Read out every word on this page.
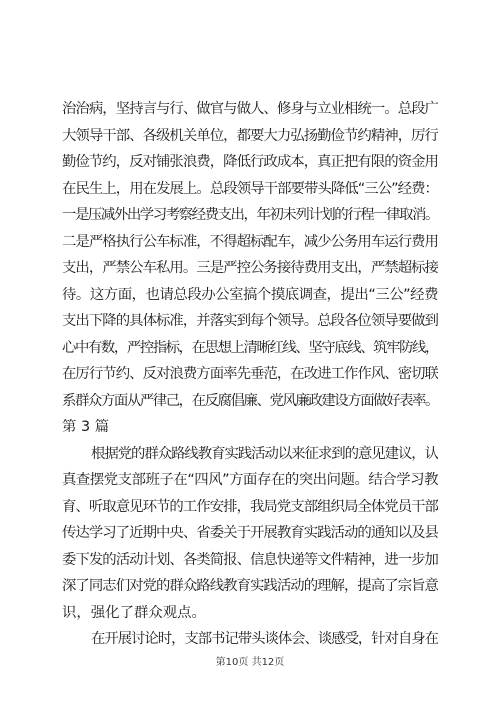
治治病，坚持言与行、做官与做人、修身与立业相统一。总段广
大领导干部、各级机关单位，都要大力弘扬勤俭节约精神，厉行
勤俭节约，反对铺张浪费，降低行政成本，真正把有限的资金用
在民生上，用在发展上。总段领导干部要带头降低“三公”经费：
一是压减外出学习考察经费支出，年初未列计划的行程一律取消。
二是严格执行公车标准，不得超标配车，减少公务用车运行费用
支出，严禁公车私用。三是严控公务接待费用支出，严禁超标接
待。这方面，也请总段办公室搞个摸底调查，提出“三公”经费
支出下降的具体标准，并落实到每个领导。总段各位领导要做到
心中有数，严控指标，在思想上清晰红线、坚守底线、筑牢防线，
在厉行节约、反对浪费方面率先垂范，在改进工作作风、密切联
系群众方面从严律己，在反腐倡廉、党风廉政建设方面做好表率。
第 3 篇
根据党的群众路线教育实践活动以来征求到的意见建议，认
真查摆党支部班子在“四风”方面存在的突出问题。结合学习教
育、听取意见环节的工作安排，我局党支部组织局全体党员干部
传达学习了近期中央、省委关于开展教育实践活动的通知以及县
委下发的活动计划、各类简报、信息快递等文件精神，进一步加
深了同志们对党的群众路线教育实践活动的理解，提高了宗旨意
识，强化了群众观点。
在开展讨论时，支部书记带头谈体会、谈感受，针对自身在
第10页 共12页
